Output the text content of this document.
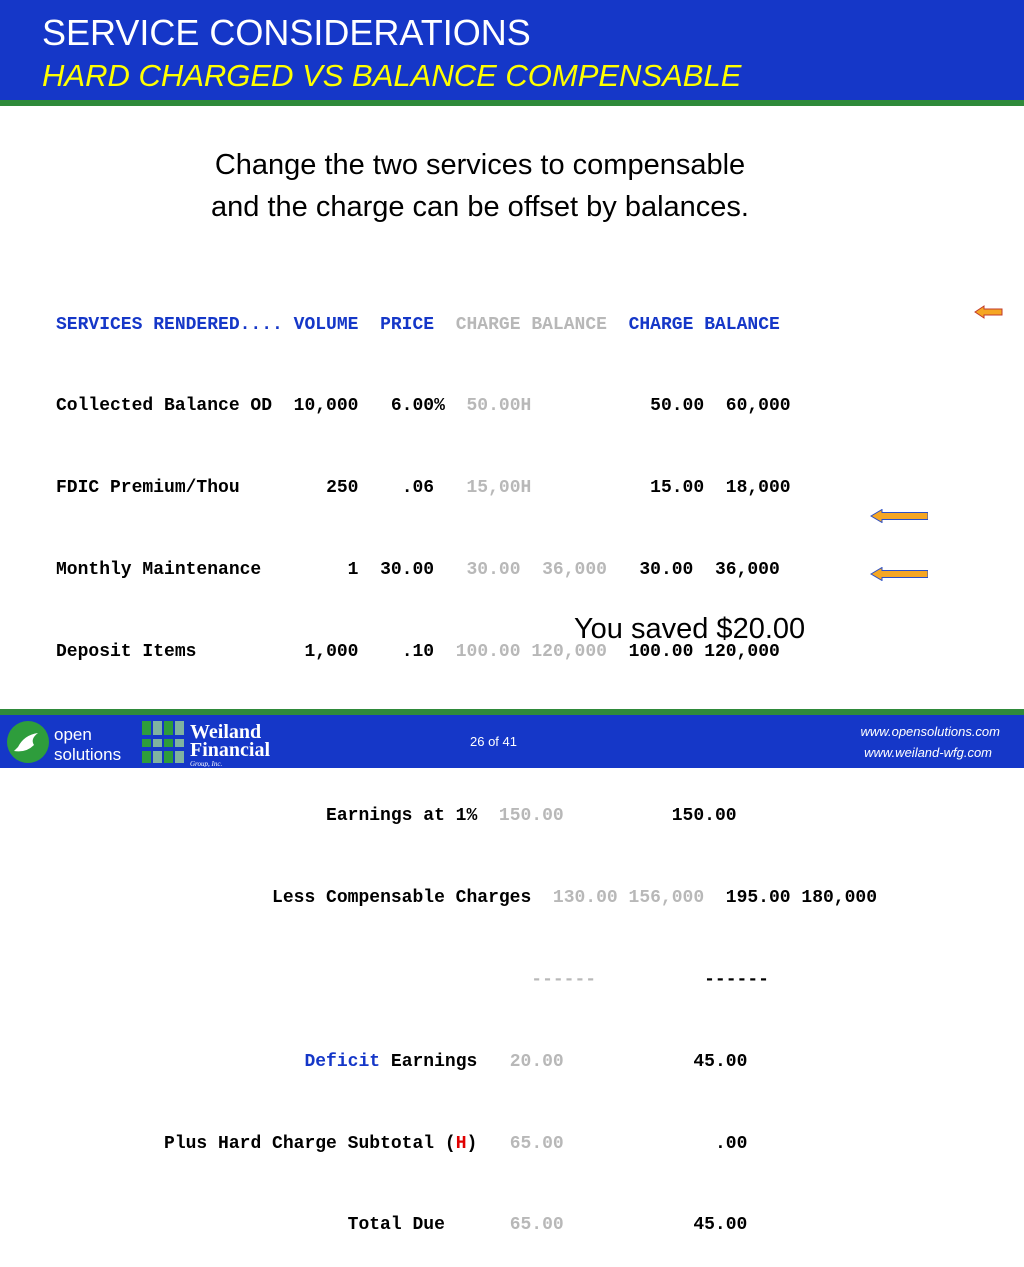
SERVICE CONSIDERATIONS
HARD CHARGED VS BALANCE COMPENSABLE
Change the two services to compensable
and the charge can be offset by balances.

SERVICES RENDERED.... VOLUME PRICE CHARGE BALANCE CHARGE BALANCE

Collected Balance OD 10,000 6.00% 50.00H	50.00 60,000

FDIC Premium/Thou	250 .06 15,00H	15.00 18,000

Monthly Maintenance	1 30.00 30.00 36,000 30.00 36,000

Deposit Items	1,000 .10 100.00 120,000 100.00 120,000

Earnings at 1% 150.00	150.00

Less Compensable Charges 130.00 156,000 195.00 180,000

------	------

Deficit Earnings 20.00	45.00

Plus Hard Charge Subtotal (H) 65.00	.00

Total Due	65.00	45.00

You saved $20.00
open
solutions
Weiland
Financial
Group, Inc.
26 of 41
www.opensolutions.com
www.weiland-wfg.com
